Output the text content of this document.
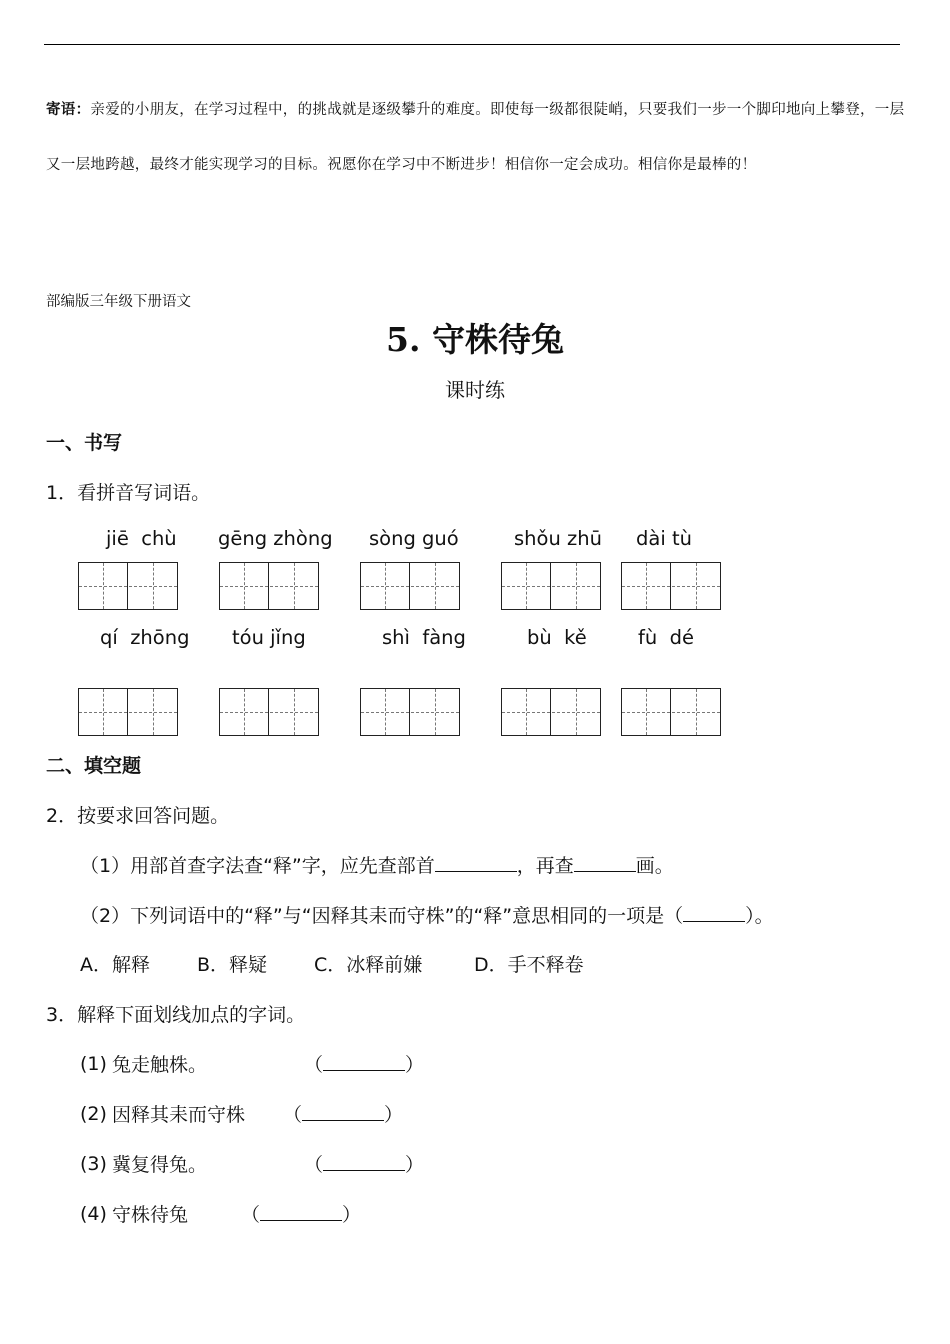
寄语：亲爱的小朋友，在学习过程中，的挑战就是逐级攀升的难度。即使每一级都很陡峭，只要我们一步一个脚印地向上攀登，一层又一层地跨越，最终才能实现学习的目标。祝愿你在学习中不断进步！相信你一定会成功。相信你是最棒的！
部编版三年级下册语文
5. 守株待兔
课时练
一、书写
1．看拼音写词语。
jiē  chù gēng zhòng sòng guó	shǒu zhū dài tù
qí  zhōng tóu jǐng	shì  fàng	bù  kě	fù  dé
二、填空题
2．按要求回答问题。
（1）用部首查字法查“释”字，应先查部首	，再查	画。
（2）下列词语中的“释”与“因释其耒而守株”的“释”意思相同的一项是（	）。
A．解释 B．释疑 C．冰释前嫌	D．手不释卷
3．解释下面划线加点的字词。
(1) 兔走触株。	（	）
(2) 因释其耒而守株 （	）
(3) 冀复得兔。	（	）
(4) 守株待兔	（	）
